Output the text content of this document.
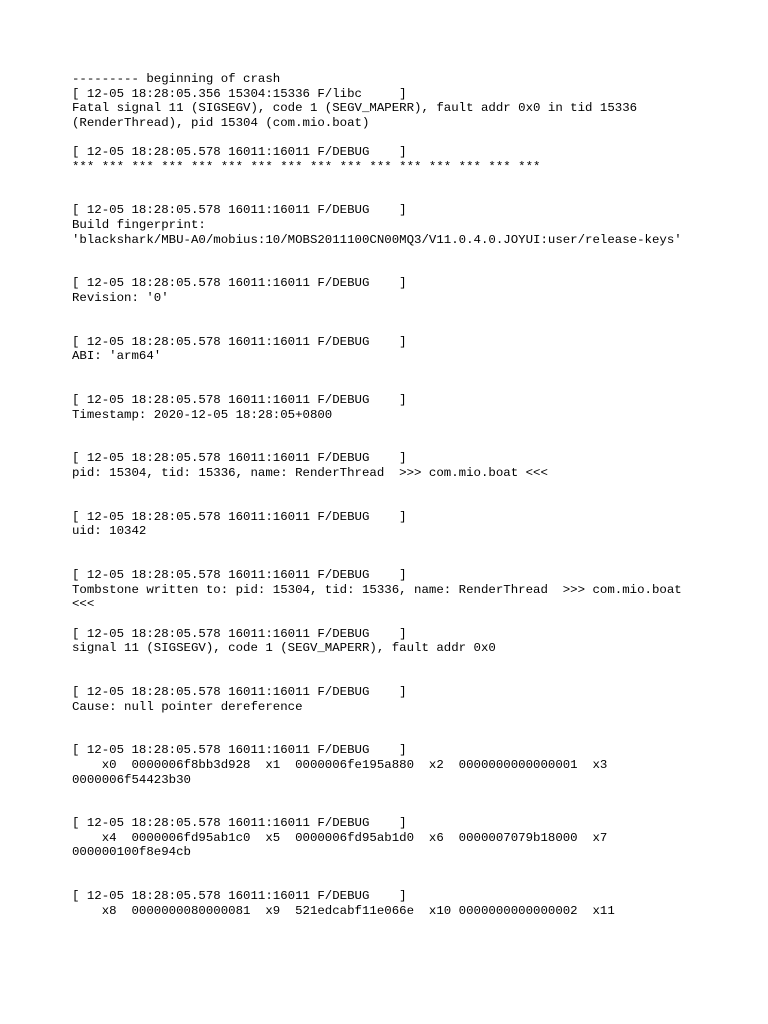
--------- beginning of crash
[ 12-05 18:28:05.356 15304:15336 F/libc     ]
Fatal signal 11 (SIGSEGV), code 1 (SEGV_MAPERR), fault addr 0x0 in tid 15336
(RenderThread), pid 15304 (com.mio.boat)
[ 12-05 18:28:05.578 16011:16011 F/DEBUG    ]
*** *** *** *** *** *** *** *** *** *** *** *** *** *** *** ***
[ 12-05 18:28:05.578 16011:16011 F/DEBUG    ]
Build fingerprint:
'blackshark/MBU-A0/mobius:10/MOBS2011100CN00MQ3/V11.0.4.0.JOYUI:user/release-keys'
[ 12-05 18:28:05.578 16011:16011 F/DEBUG    ]
Revision: '0'
[ 12-05 18:28:05.578 16011:16011 F/DEBUG    ]
ABI: 'arm64'
[ 12-05 18:28:05.578 16011:16011 F/DEBUG    ]
Timestamp: 2020-12-05 18:28:05+0800
[ 12-05 18:28:05.578 16011:16011 F/DEBUG    ]
pid: 15304, tid: 15336, name: RenderThread  >>> com.mio.boat <<<
[ 12-05 18:28:05.578 16011:16011 F/DEBUG    ]
uid: 10342
[ 12-05 18:28:05.578 16011:16011 F/DEBUG    ]
Tombstone written to: pid: 15304, tid: 15336, name: RenderThread  >>> com.mio.boat
<<<
[ 12-05 18:28:05.578 16011:16011 F/DEBUG    ]
signal 11 (SIGSEGV), code 1 (SEGV_MAPERR), fault addr 0x0
[ 12-05 18:28:05.578 16011:16011 F/DEBUG    ]
Cause: null pointer dereference
[ 12-05 18:28:05.578 16011:16011 F/DEBUG    ]
x0  0000006f8bb3d928  x1  0000006fe195a880  x2  0000000000000001  x3
0000006f54423b30
[ 12-05 18:28:05.578 16011:16011 F/DEBUG    ]
x4  0000006fd95ab1c0  x5  0000006fd95ab1d0  x6  0000007079b18000  x7
000000100f8e94cb
[ 12-05 18:28:05.578 16011:16011 F/DEBUG    ]
x8  0000000080000081  x9  521edcabf11e066e  x10 0000000000000002  x11
